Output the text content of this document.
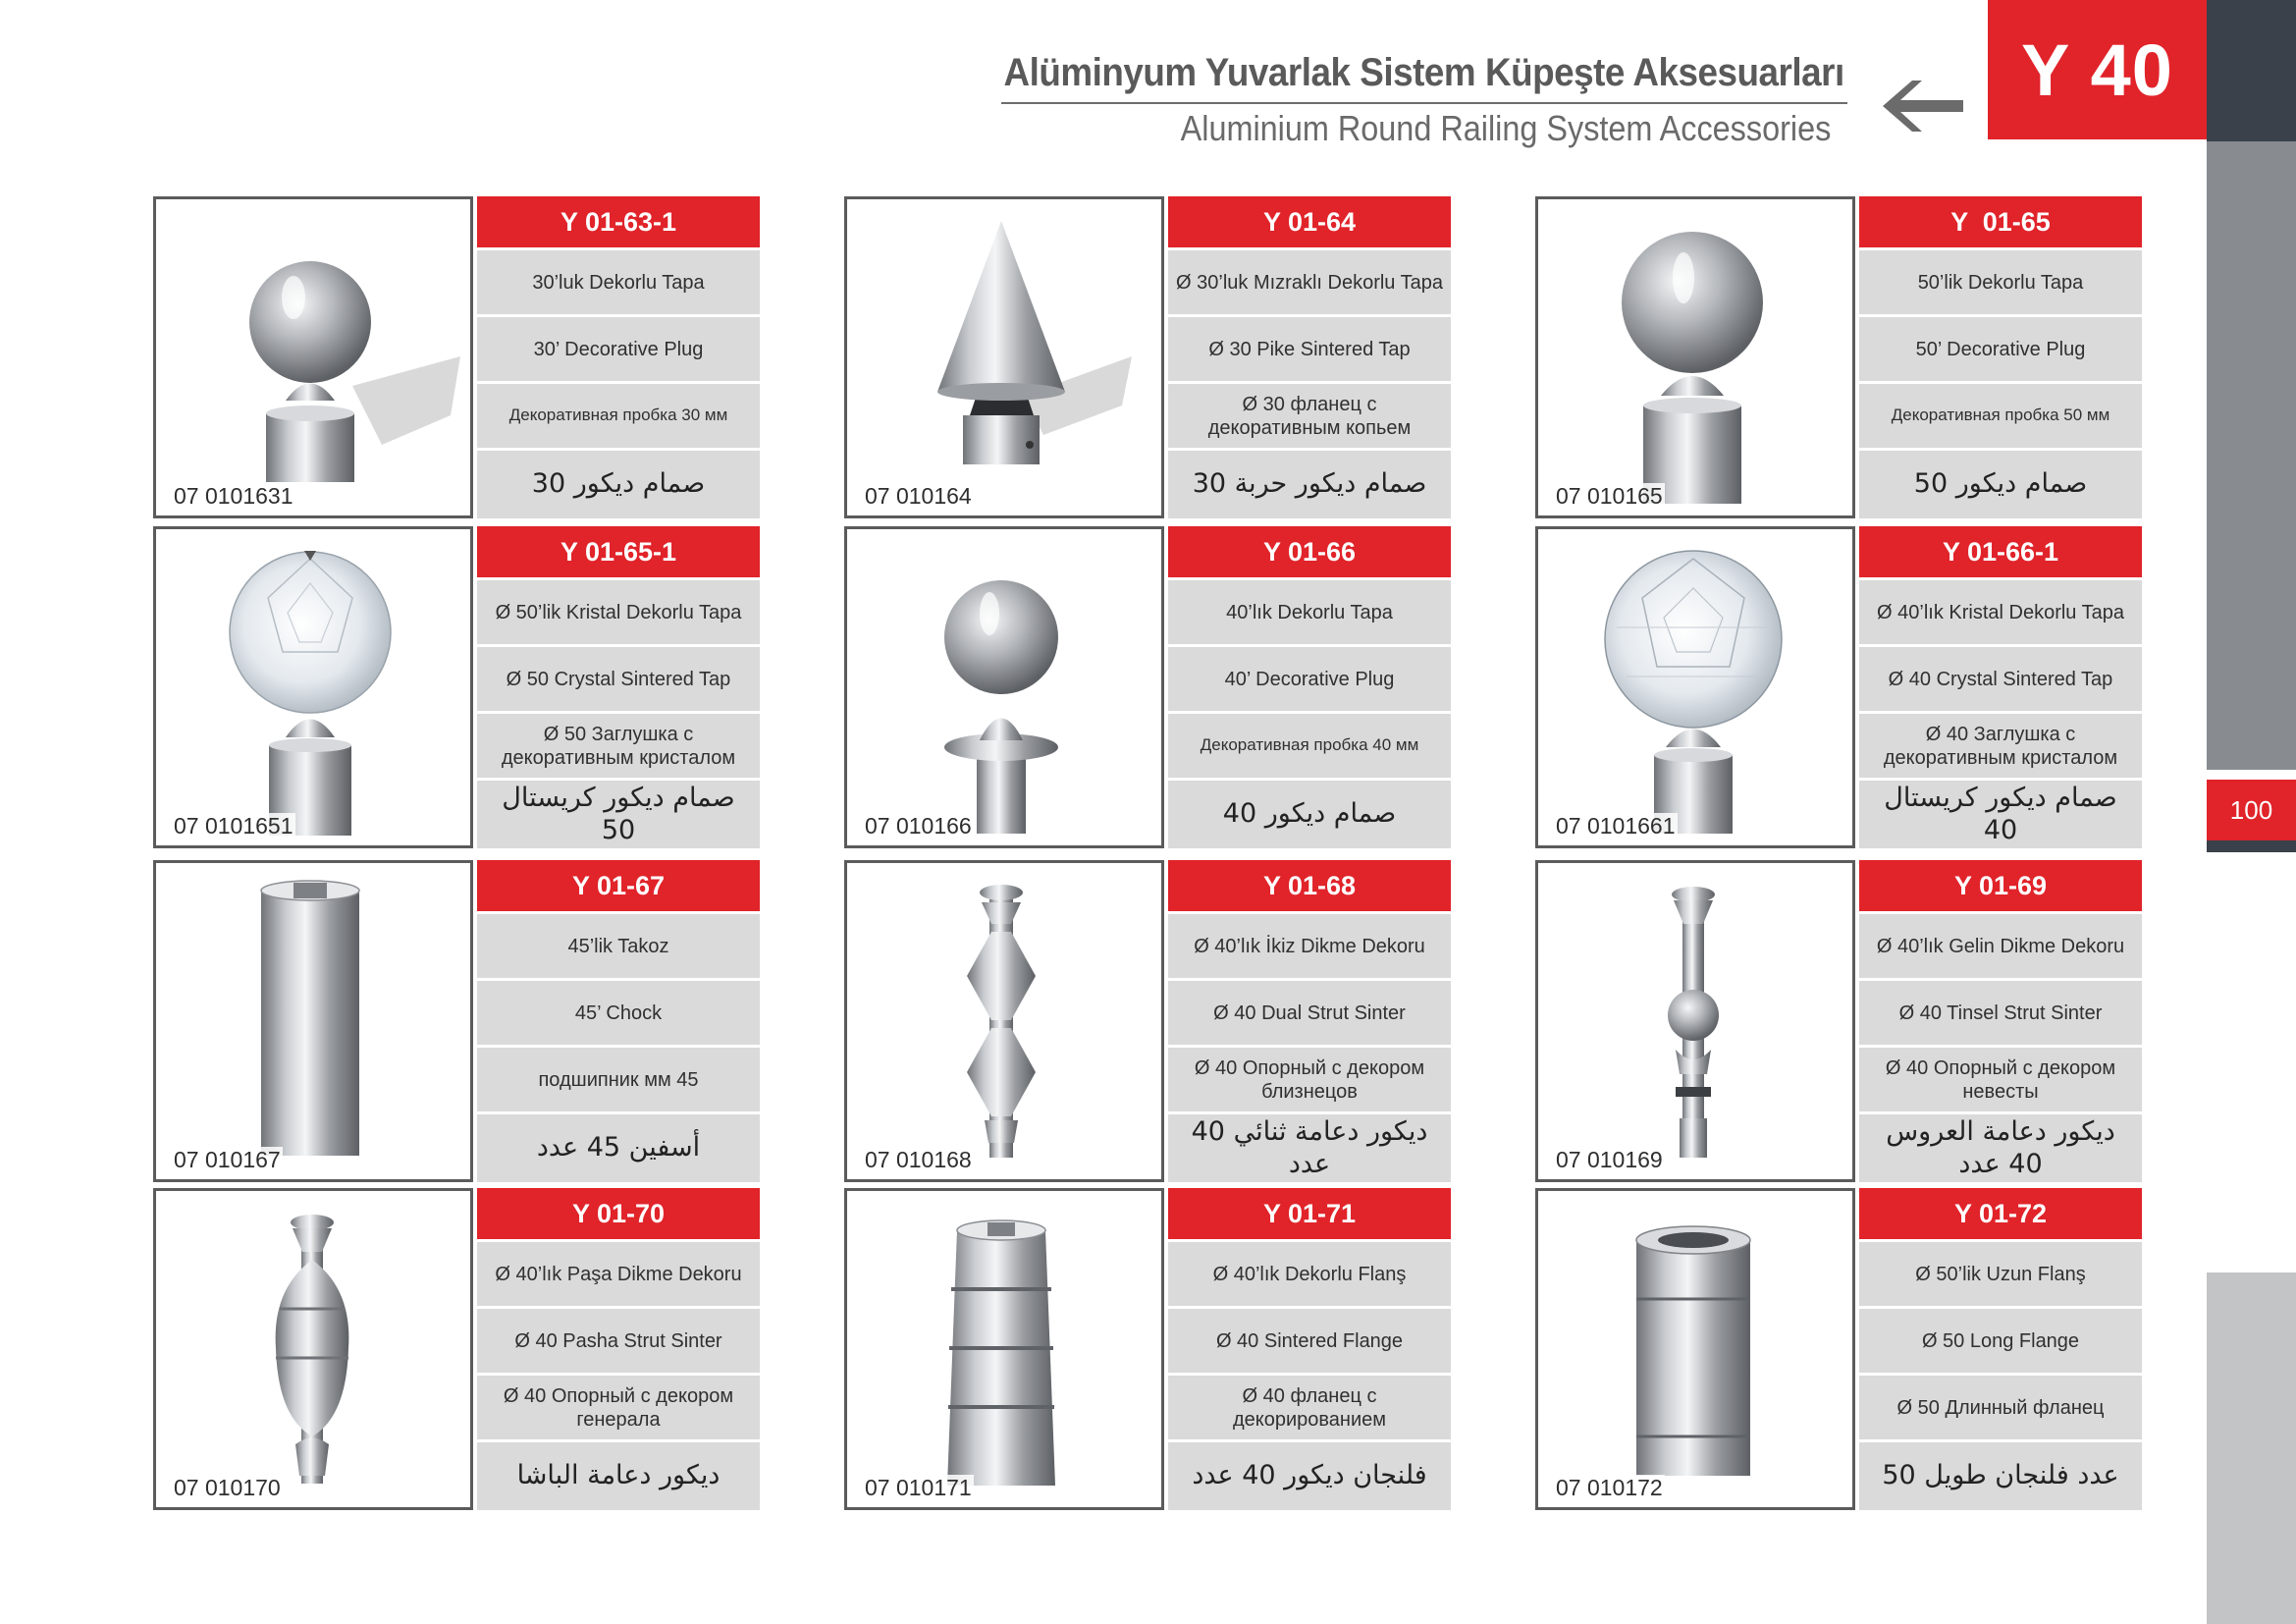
Alüminyum Yuvarlak Sistem Küpeşte Aksesuarları
Aluminium Round Railing System Accessories
Y 40
100
07 0101631
Y 01-63-1
30’luk Dekorlu Tapa
30’ Decorative Plug
Декоративная пробка 30 мм
صمام ديكور 30	07 010164
Y 01-64
Ø 30’luk Mızraklı Dekorlu Tapa
Ø 30 Pike Sintered Tap
Ø 30 фланец с декоративным копьем
صمام ديكور حربة 30	07 010165
Y  01-65
50’lik Dekorlu Tapa
50’ Decorative Plug
Декоративная пробка 50 мм
صمام ديكور 50
07 0101651
Y 01-65-1
Ø 50’lik Kristal Dekorlu Tapa
Ø 50 Crystal Sintered Tap
Ø 50 Заглушка с декоративным кристалом
صمام ديكور كريستال 50	07 010166
Y 01-66
40’lık Dekorlu Tapa
40’ Decorative Plug
Декоративная пробка 40 мм
صمام ديكور 40	07 0101661
Y 01-66-1
Ø 40’lık Kristal Dekorlu Tapa
Ø 40 Crystal Sintered Tap
Ø 40 Заглушка с декоративным кристалом
صمام ديكور كريستال 40
07 010167
Y 01-67
45’lik Takoz
45’ Chock
подшипник мм 45
أسفين 45 عدد	07 010168
Y 01-68
Ø 40’lık İkiz Dikme Dekoru
Ø 40 Dual Strut Sinter
Ø 40 Опорный с декором близнецов
ديكور دعامة ثنائي 40 عدد	07 010169
Y 01-69
Ø 40’lık Gelin Dikme Dekoru
Ø 40 Tinsel Strut Sinter
Ø 40 Опорный с декором невесты
ديكور دعامة العروس 40 عدد
07 010170
Y 01-70
Ø 40’lık Paşa Dikme Dekoru
Ø 40 Pasha Strut Sinter
Ø 40 Опорный с декором генерала
ديكور دعامة الباشا	07 010171
Y 01-71
Ø 40’lık Dekorlu Flanş
Ø 40 Sintered Flange
Ø 40 фланец с декорированием
فلنجان ديكور 40 عدد	07 010172
Y 01-72
Ø 50’lik Uzun Flanş
Ø 50 Long Flange
Ø 50 Длинный фланец
عدد فلنجان طويل 50
